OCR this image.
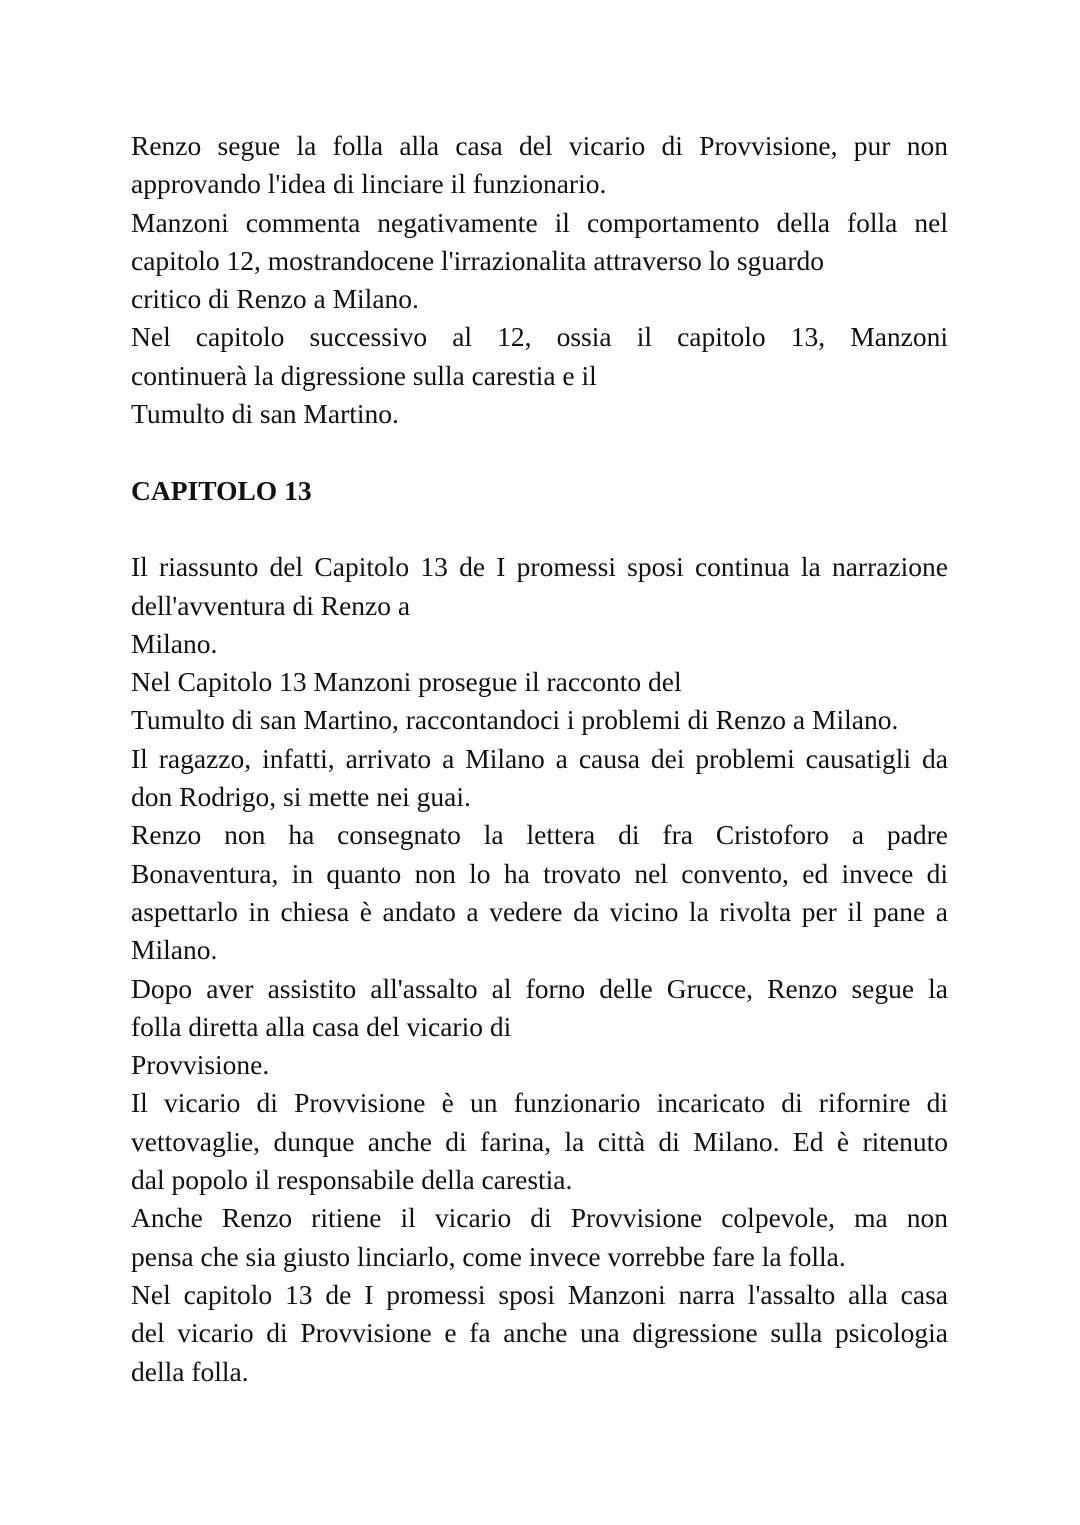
Renzo segue la folla alla casa del vicario di Provvisione, pur non
approvando l'idea di linciare il funzionario.
Manzoni commenta negativamente il comportamento della folla nel
capitolo 12, mostrandocene l'irrazionalita attraverso lo sguardo
critico di Renzo a Milano.
Nel capitolo successivo al 12, ossia il capitolo 13, Manzoni
continuerà la digressione sulla carestia e il
Tumulto di san Martino.
CAPITOLO 13
Il riassunto del Capitolo 13 de I promessi sposi continua la narrazione
dell'avventura di Renzo a
Milano.
Nel Capitolo 13 Manzoni prosegue il racconto del
Tumulto di san Martino, raccontandoci i problemi di Renzo a Milano.
Il ragazzo, infatti, arrivato a Milano a causa dei problemi causatigli da
don Rodrigo, si mette nei guai.
Renzo non ha consegnato la lettera di fra Cristoforo a padre
Bonaventura, in quanto non lo ha trovato nel convento, ed invece di
aspettarlo in chiesa è andato a vedere da vicino la rivolta per il pane a
Milano.
Dopo aver assistito all'assalto al forno delle Grucce, Renzo segue la
folla diretta alla casa del vicario di
Provvisione.
Il vicario di Provvisione è un funzionario incaricato di rifornire di
vettovaglie, dunque anche di farina, la città di Milano. Ed è ritenuto
dal popolo il responsabile della carestia.
Anche Renzo ritiene il vicario di Provvisione colpevole, ma non
pensa che sia giusto linciarlo, come invece vorrebbe fare la folla.
Nel capitolo 13 de I promessi sposi Manzoni narra l'assalto alla casa
del vicario di Provvisione e fa anche una digressione sulla psicologia
della folla.
